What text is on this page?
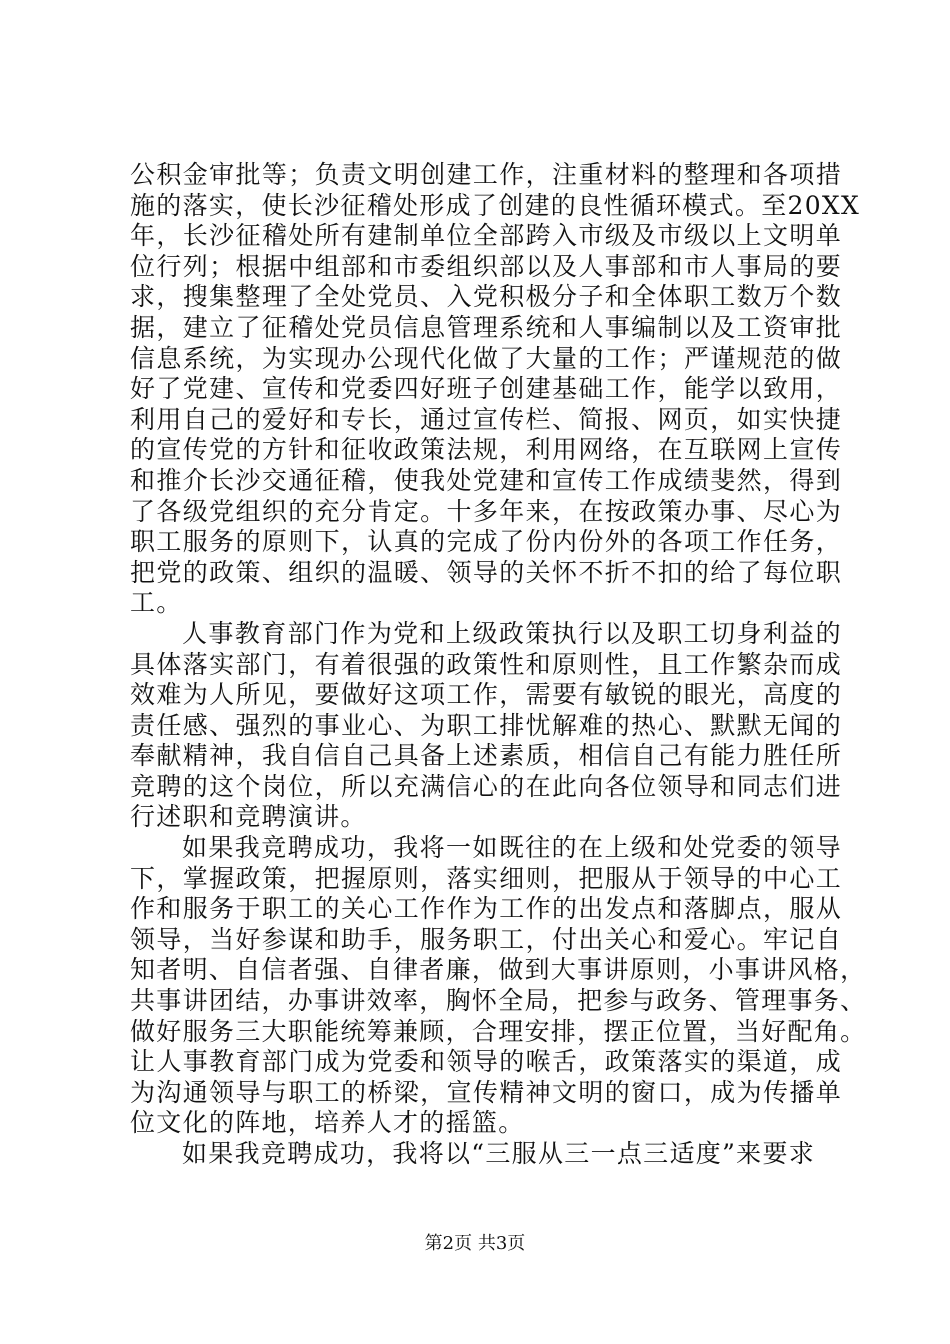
公积金审批等；负责文明创建工作，注重材料的整理和各项措
施的落实，使长沙征稽处形成了创建的良性循环模式。至20XX
年，长沙征稽处所有建制单位全部跨入市级及市级以上文明单
位行列；根据中组部和市委组织部以及人事部和市人事局的要
求，搜集整理了全处党员、入党积极分子和全体职工数万个数
据，建立了征稽处党员信息管理系统和人事编制以及工资审批
信息系统，为实现办公现代化做了大量的工作；严谨规范的做
好了党建、宣传和党委四好班子创建基础工作，能学以致用，
利用自己的爱好和专长，通过宣传栏、简报、网页，如实快捷
的宣传党的方针和征收政策法规，利用网络，在互联网上宣传
和推介长沙交通征稽，使我处党建和宣传工作成绩斐然，得到
了各级党组织的充分肯定。十多年来，在按政策办事、尽心为
职工服务的原则下，认真的完成了份内份外的各项工作任务，
把党的政策、组织的温暖、领导的关怀不折不扣的给了每位职
工。
人事教育部门作为党和上级政策执行以及职工切身利益的
具体落实部门，有着很强的政策性和原则性，且工作繁杂而成
效难为人所见，要做好这项工作，需要有敏锐的眼光，高度的
责任感、强烈的事业心、为职工排忧解难的热心、默默无闻的
奉献精神，我自信自己具备上述素质，相信自己有能力胜任所
竞聘的这个岗位，所以充满信心的在此向各位领导和同志们进
行述职和竞聘演讲。
如果我竞聘成功，我将一如既往的在上级和处党委的领导
下，掌握政策，把握原则，落实细则，把服从于领导的中心工
作和服务于职工的关心工作作为工作的出发点和落脚点，服从
领导，当好参谋和助手，服务职工，付出关心和爱心。牢记自
知者明、自信者强、自律者廉，做到大事讲原则，小事讲风格，
共事讲团结，办事讲效率，胸怀全局，把参与政务、管理事务、
做好服务三大职能统筹兼顾，合理安排，摆正位置，当好配角。
让人事教育部门成为党委和领导的喉舌，政策落实的渠道，成
为沟通领导与职工的桥梁，宣传精神文明的窗口，成为传播单
位文化的阵地，培养人才的摇篮。
如果我竞聘成功，我将以“三服从三一点三适度”来要求
第2页 共3页
